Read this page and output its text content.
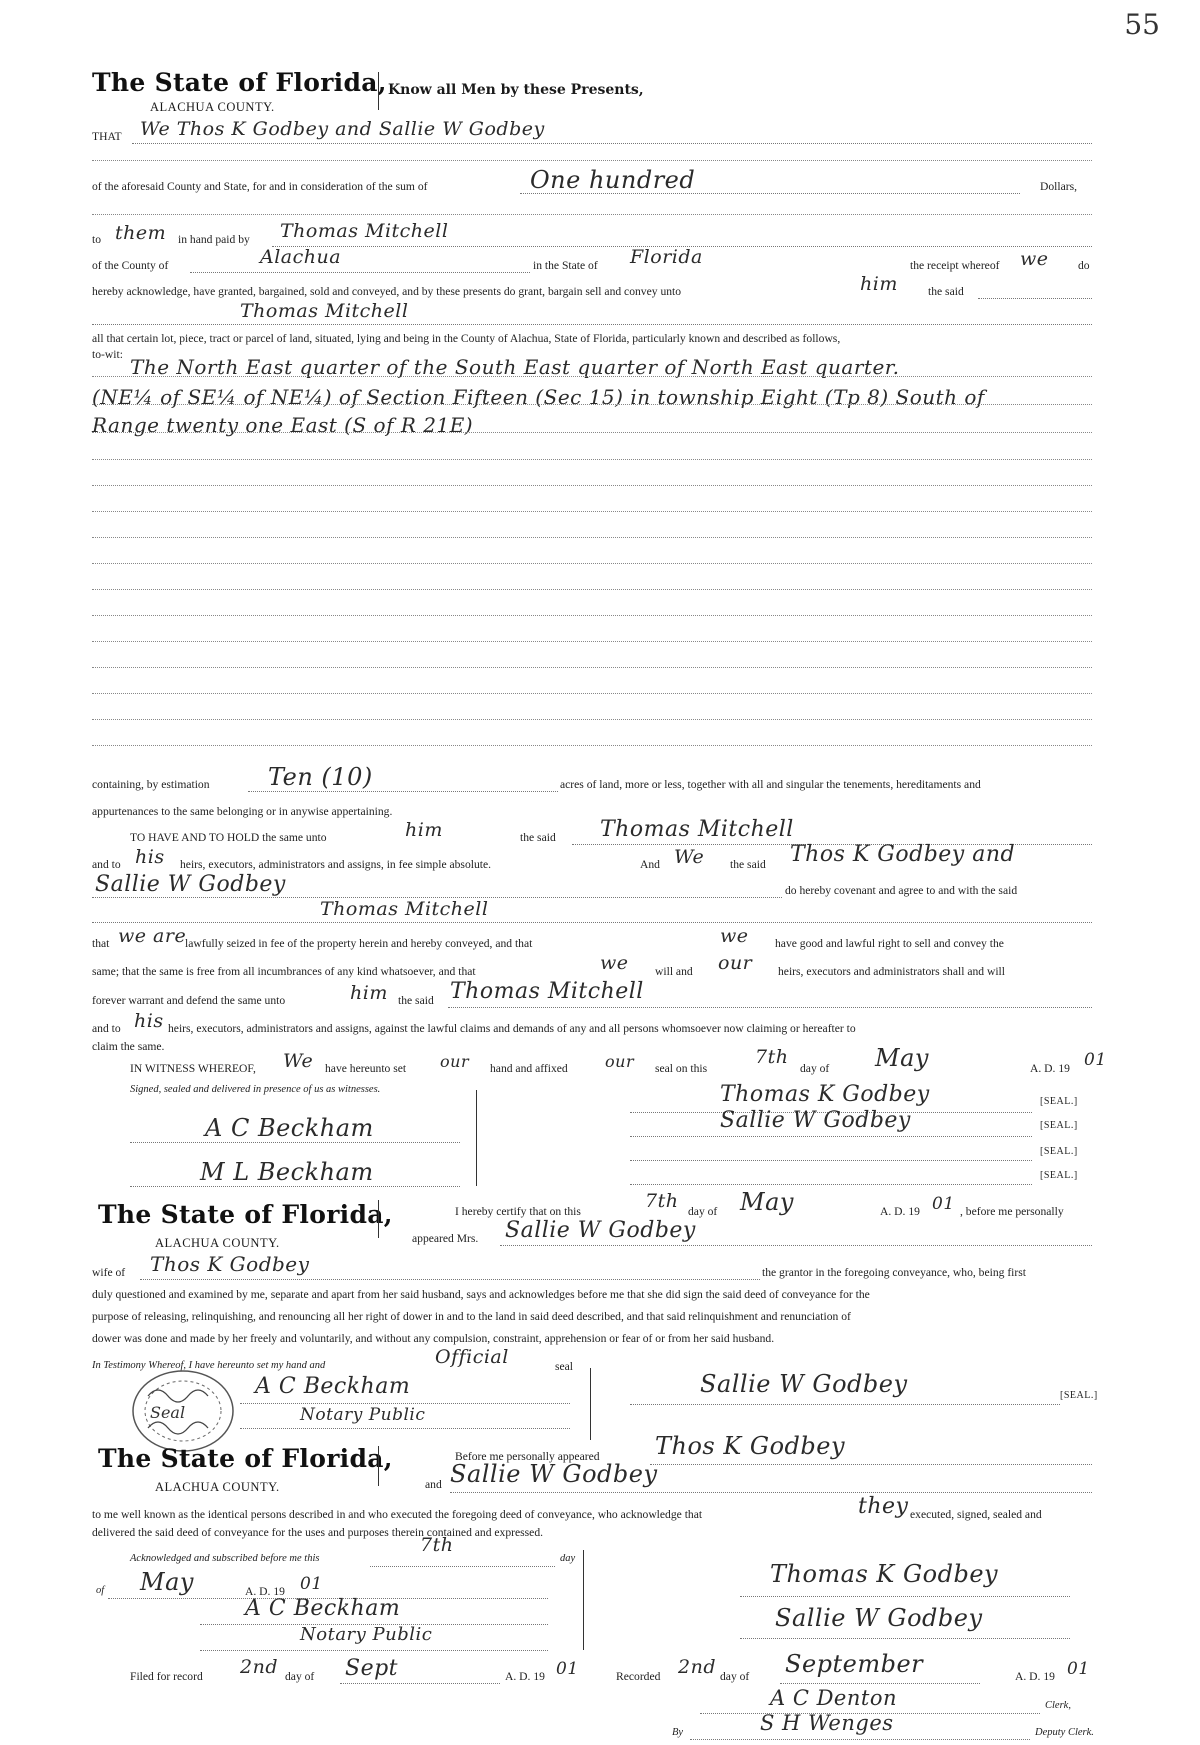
55
The State of Florida,
ALACHUA COUNTY.
Know all Men by these Presents,
THAT We Thos K Godbey and Sallie W Godbey
of the aforesaid County and State, for and in consideration of the sum of	One hundred	Dollars,
to them in hand paid by Thomas Mitchell
of the County of	Alachua	in the State of Florida	the receipt whereof we	do
hereby acknowledge, have granted, bargained, sold and conveyed, and by these presents do grant, bargain sell and convey unto	him	the said
Thomas Mitchell
all that certain lot, piece, tract or parcel of land, situated, lying and being in the County of Alachua, State of Florida, particularly known and described as follows,
to-wit:
The North East quarter of the South East quarter of North East quarter.
(NE¼ of SE¼ of NE¼) of Section Fifteen (Sec 15) in township Eight (Tp 8) South of
Range twenty one East (S of R 21E)
containing, by estimation Ten (10)	acres of land, more or less, together with all and singular the tenements, hereditaments and
appurtenances to the same belonging or in anywise appertaining.
TO HAVE AND TO HOLD the same unto	him	the said Thomas Mitchell
and to his heirs, executors, administrators and assigns, in fee simple absolute.	And We the said Thos K Godbey and
Sallie W Godbey	do hereby covenant and agree to and with the said
Thomas Mitchell
that we are
lawfully seized in fee of the property herein and hereby conveyed, and that	we have good and lawful right to sell and convey the
same; that the same is free from all incumbrances of any kind whatsoever, and that	we will and our heirs, executors and administrators shall and will
forever warrant and defend the same unto	him the said Thomas Mitchell
and to his heirs, executors, administrators and assigns, against the lawful claims and demands of any and all persons whomsoever now claiming or hereafter to
claim the same.
IN WITNESS WHEREOF, We have hereunto set our hand and affixed our seal on this
7th
day of May	A. D. 19 01
Signed, sealed and delivered in presence of us as witnesses.
A C Beckham
M L Beckham
Thomas K Godbey	[SEAL.]
Sallie W Godbey	[SEAL.]
[SEAL.]
[SEAL.]
The State of Florida,
ALACHUA COUNTY.
I hereby certify that on this	7th day of May	A. D. 19 01 , before me personally
appeared Mrs. Sallie W Godbey
wife of Thos K Godbey	the grantor in the foregoing conveyance, who, being first
duly questioned and examined by me, separate and apart from her said husband, says and acknowledges before me that she did sign the said deed of conveyance for the
purpose of releasing, relinquishing, and renouncing all her right of dower in and to the land in said deed described, and that said relinquishment and renunciation of
dower was done and made by her freely and voluntarily, and without any compulsion, constraint, apprehension or fear of or from her said husband.
In Testimony Whereof, I have hereunto set my hand and	Official	seal
Seal
A C Beckham
Notary Public
Sallie W Godbey	[SEAL.]
The State of Florida,
ALACHUA COUNTY.
Before me personally appeared Thos K Godbey
and Sallie W Godbey
to me well known as the identical persons described in and who executed the foregoing deed of conveyance, who acknowledge that	they executed, signed, sealed and
delivered the said deed of conveyance for the uses and purposes therein contained and expressed.
Acknowledged and subscribed before me this
7th
day
of May	A. D. 19 01
A C Beckham
Notary Public
Thomas K Godbey
Sallie W Godbey
Filed for record 2nd day of Sept	A. D. 19 01	Recorded 2nd day of September	A. D. 19 01
A C Denton	Clerk,
By	S H Wenges	Deputy Clerk.
